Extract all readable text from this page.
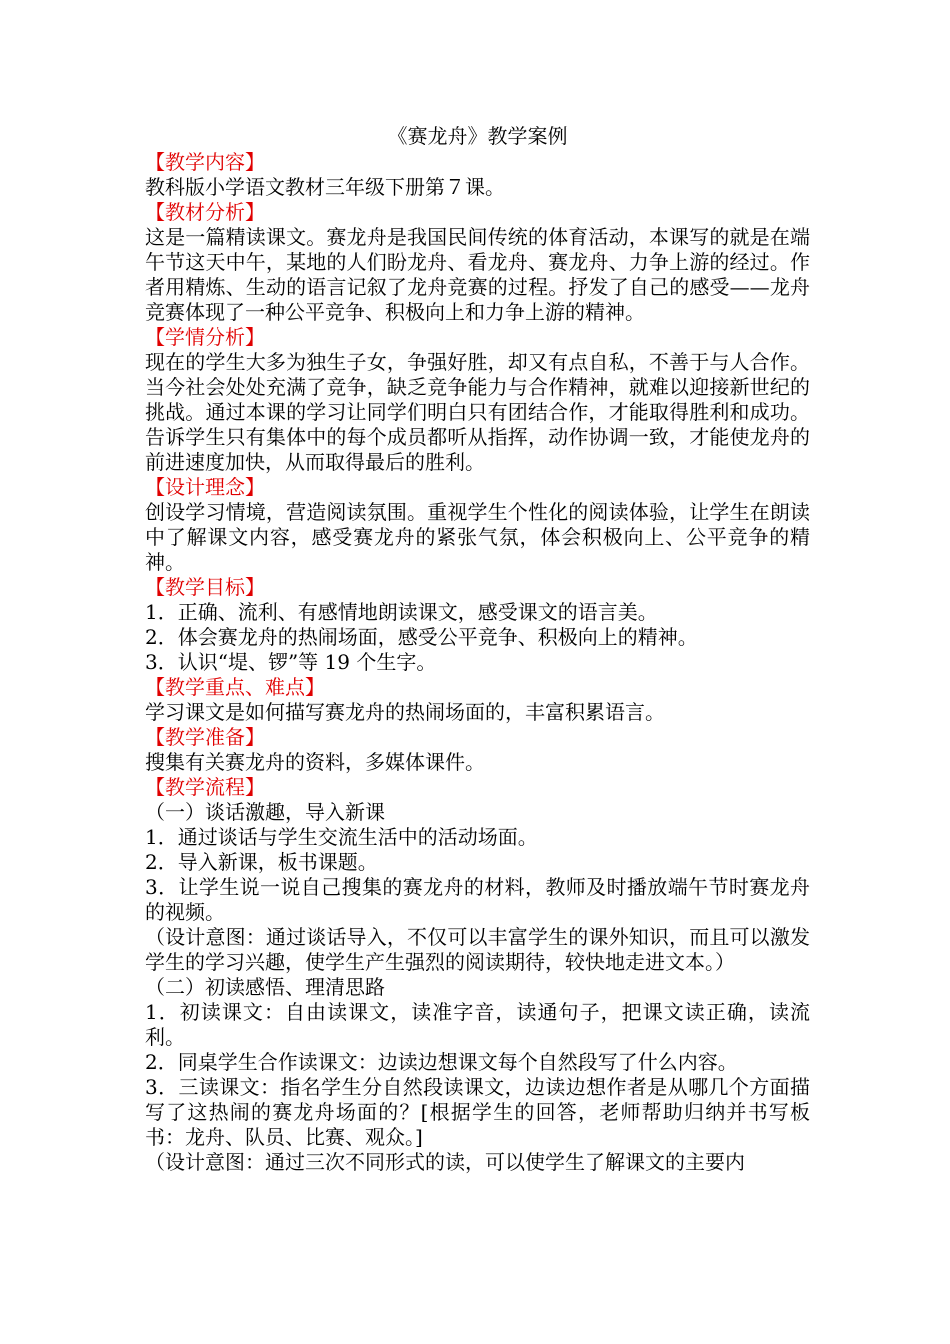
《赛龙舟》教学案例
【教学内容】
教科版小学语文教材三年级下册第７课。
【教材分析】
这是一篇精读课文。赛龙舟是我国民间传统的体育活动，本课写的就是在端午节这天中午，某地的人们盼龙舟、看龙舟、赛龙舟、力争上游的经过。作者用精炼、生动的语言记叙了龙舟竞赛的过程。抒发了自己的感受——龙舟竞赛体现了一种公平竞争、积极向上和力争上游的精神。
【学情分析】
现在的学生大多为独生子女，争强好胜，却又有点自私，不善于与人合作。当今社会处处充满了竞争，缺乏竞争能力与合作精神，就难以迎接新世纪的挑战。通过本课的学习让同学们明白只有团结合作，才能取得胜利和成功。告诉学生只有集体中的每个成员都听从指挥，动作协调一致，才能使龙舟的前进速度加快，从而取得最后的胜利。
【设计理念】
创设学习情境，营造阅读氛围。重视学生个性化的阅读体验，让学生在朗读中了解课文内容，感受赛龙舟的紧张气氛，体会积极向上、公平竞争的精神。
【教学目标】
1．正确、流利、有感情地朗读课文，感受课文的语言美。
2．体会赛龙舟的热闹场面，感受公平竞争、积极向上的精神。
3．认识“堤、锣”等 19 个生字。
【教学重点、难点】
学习课文是如何描写赛龙舟的热闹场面的，丰富积累语言。
【教学准备】
搜集有关赛龙舟的资料，多媒体课件。
【教学流程】
（一）谈话激趣，导入新课
1．通过谈话与学生交流生活中的活动场面。
2．导入新课，板书课题。
3．让学生说一说自己搜集的赛龙舟的材料，教师及时播放端午节时赛龙舟的视频。
（设计意图：通过谈话导入，不仅可以丰富学生的课外知识，而且可以激发学生的学习兴趣，使学生产生强烈的阅读期待，较快地走进文本。）
（二）初读感悟、理清思路
1．初读课文：自由读课文，读准字音，读通句子，把课文读正确，读流利。
2．同桌学生合作读课文：边读边想课文每个自然段写了什么内容。
3．三读课文：指名学生分自然段读课文，边读边想作者是从哪几个方面描写了这热闹的赛龙舟场面的？[根据学生的回答，老师帮助归纳并书写板书：龙舟、队员、比赛、观众。]
（设计意图：通过三次不同形式的读，可以使学生了解课文的主要内
